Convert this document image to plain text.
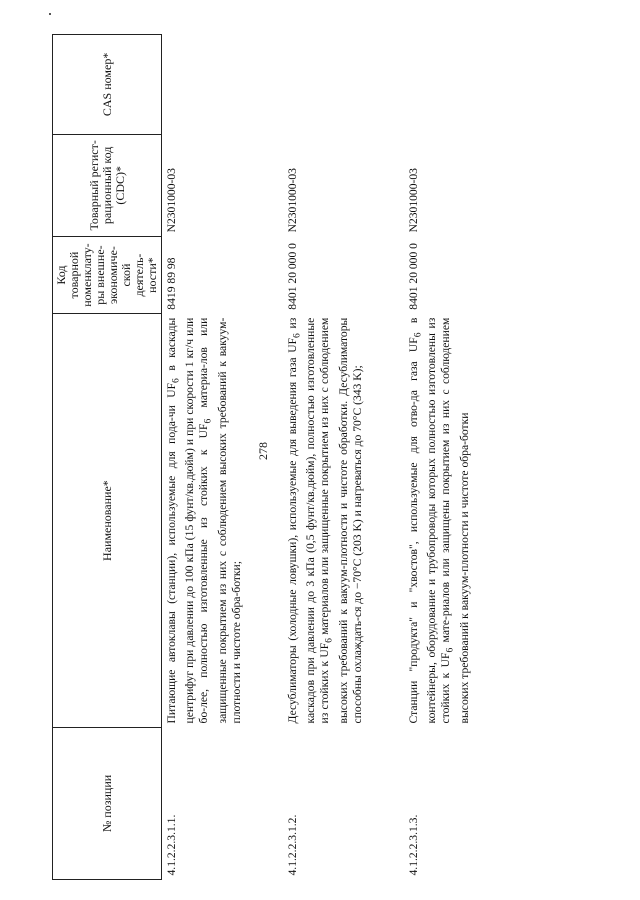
278
№ позиции	Наименование*	Код товарной номенклату-ры внешне-экономиче-ской деятель-ности*	Товарный регист-рационный код (CDC)*	CAS номер*
4.1.2.2.3.1.1.	Питающие автоклавы (станции), используемые для пода-чи $UF_6$ в каскады центрифуг при давлении до 100 кПа (15 фунт/кв.дюйм) и при скорости 1 кг/ч или бо-лее, полностью изготовленные из стойких к $UF_6$ материа-лов или защищенные покрытием из них с соблюдением высоких требований к вакуум-плотности и чистоте обра-ботки;	8419 89 98	N2301000-03	
4.1.2.2.3.1.2.	Десублиматоры (холодные ловушки), используемые для выведения газа $UF_6$ из каскадов при давлении до 3 кПа (0,5 фунт/кв.дюйм), полностью изготовленные из стойких к $UF_6$ материалов или защищенные покрытием из них с соблюдением высоких требований к вакуум-плотности и чистоте обработки. Десублиматоры способны охлаждать-ся до −70°C (203 K) и нагреваться до 70°C (343 K);	8401 20 000 0	N2301000-03	
4.1.2.2.3.1.3.	Станции "продукта" и "хвостов", используемые для отво-да газа $UF_6$ в контейнеры, оборудование и трубопроводы которых полностью изготовлены из стойких к $UF_6$ мате-риалов или защищены покрытием из них с соблюдением высоких требований к вакуум-плотности и чистоте обра-ботки	8401 20 000 0	N2301000-03	
